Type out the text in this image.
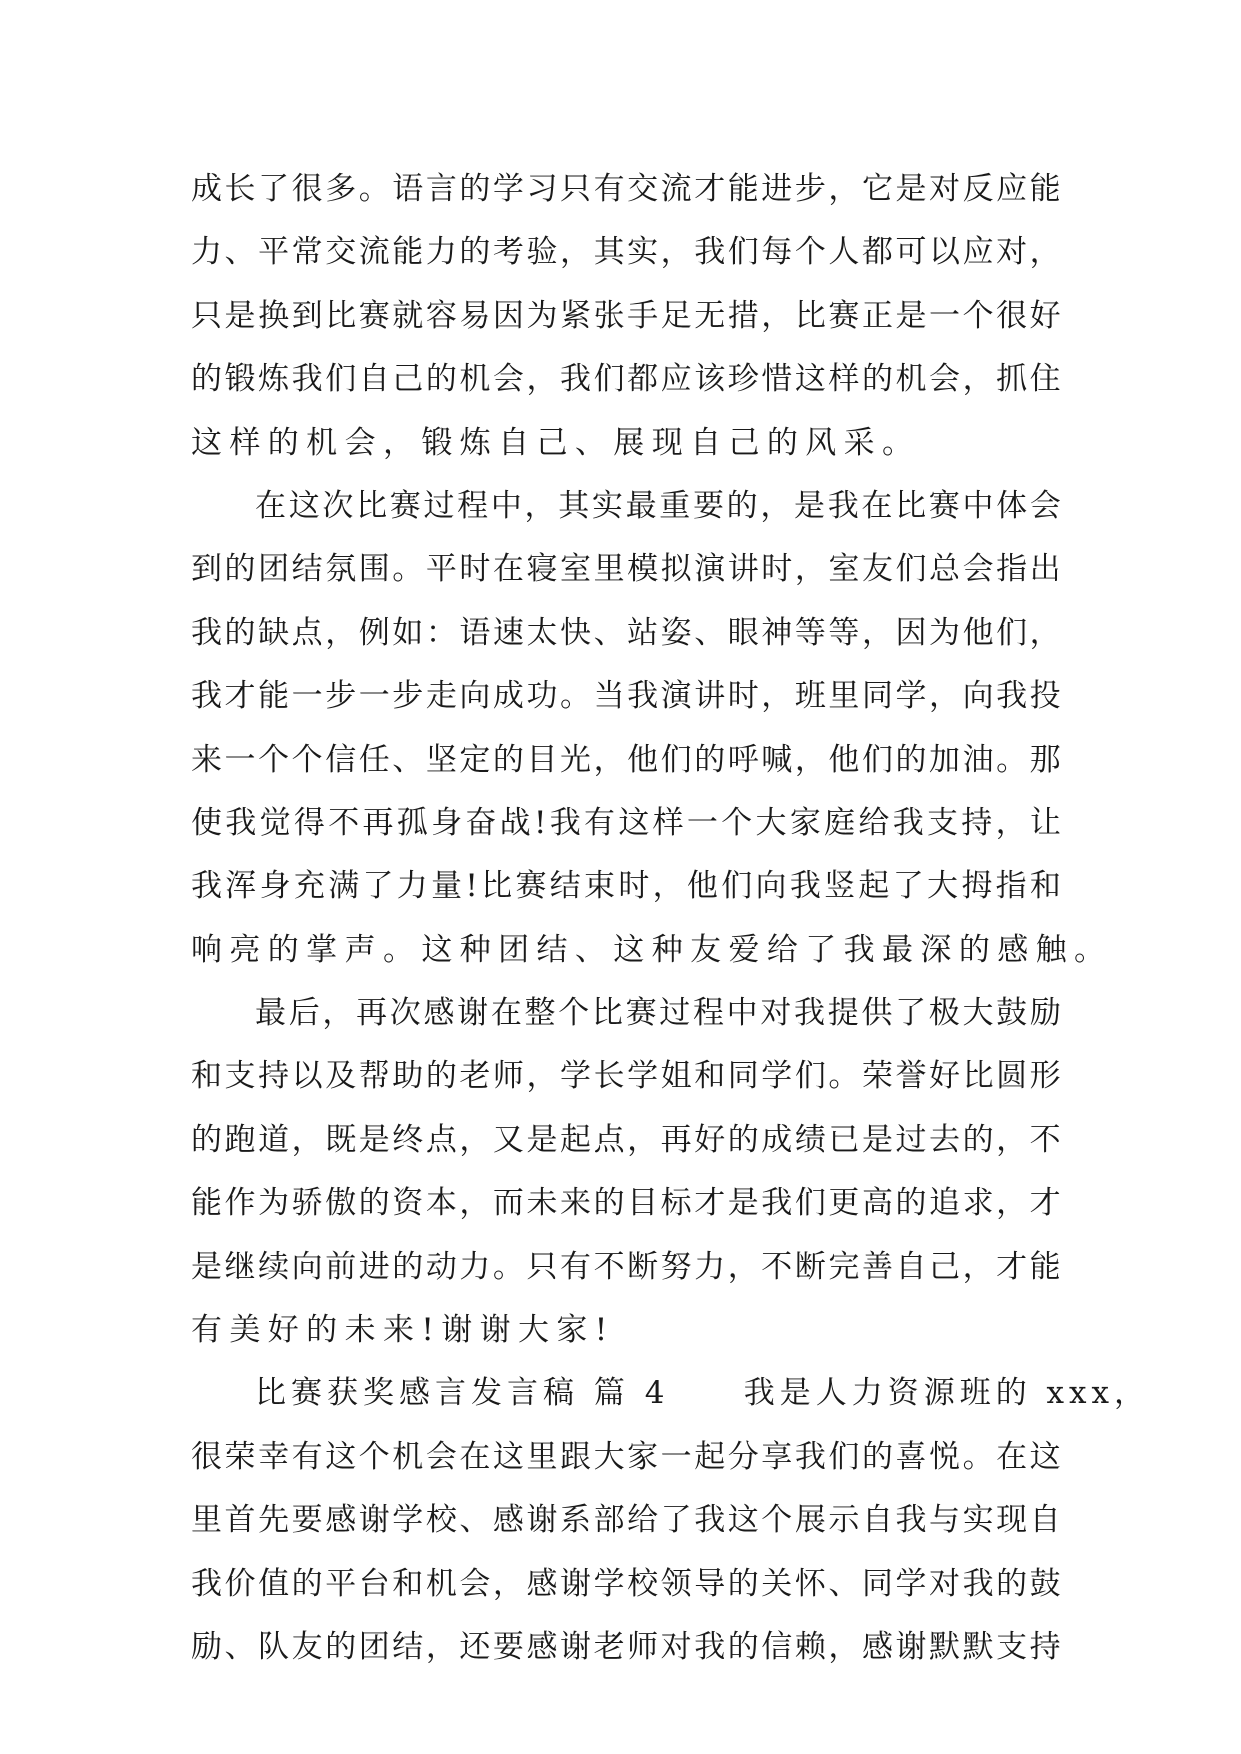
成 长 了 很 多 。 语 言 的 学 习 只 有 交 流 才 能 进 步 ， 它 是 对 反 应 能
力 、 平 常 交 流 能 力 的 考 验 ， 其 实 ， 我 们 每 个 人 都 可 以 应 对 ，
只 是 换 到 比 赛 就 容 易 因 为 紧 张 手 足 无 措 ， 比 赛 正 是 一 个 很 好
的 锻 炼 我 们 自 己 的 机 会 ， 我 们 都 应 该 珍 惜 这 样 的 机 会 ， 抓 住
这 样 的 机 会 ， 锻 炼 自 己 、 展 现 自 己 的 风 采 。
在 这 次 比 赛 过 程 中 ， 其 实 最 重 要 的 ， 是 我 在 比 赛 中 体 会
到 的 团 结 氛 围 。 平 时 在 寝 室 里 模 拟 演 讲 时 ， 室 友 们 总 会 指 出
我 的 缺 点 ， 例 如 ： 语 速 太 快 、 站 姿 、 眼 神 等 等 ， 因 为 他 们 ，
我 才 能 一 步 一 步 走 向 成 功 。 当 我 演 讲 时 ， 班 里 同 学 ， 向 我 投
来 一 个 个 信 任 、 坚 定 的 目 光 ， 他 们 的 呼 喊 ， 他 们 的 加 油 。 那
使 我 觉 得 不 再 孤 身 奋 战 ! 我 有 这 样 一 个 大 家 庭 给 我 支 持 ， 让
我 浑 身 充 满 了 力 量 ! 比 赛 结 束 时 ， 他 们 向 我 竖 起 了 大 拇 指 和
响 亮 的 掌 声 。 这 种 团 结 、 这 种 友 爱 给 了 我 最 深 的 感 触 。
最 后 ， 再 次 感 谢 在 整 个 比 赛 过 程 中 对 我 提 供 了 极 大 鼓 励
和 支 持 以 及 帮 助 的 老 师 ， 学 长 学 姐 和 同 学 们 。 荣 誉 好 比 圆 形
的 跑 道 ， 既 是 终 点 ， 又 是 起 点 ， 再 好 的 成 绩 已 是 过 去 的 ， 不
能 作 为 骄 傲 的 资 本 ， 而 未 来 的 目 标 才 是 我 们 更 高 的 追 求 ， 才
是 继 续 向 前 进 的 动 力 。 只 有 不 断 努 力 ， 不 断 完 善 自 己 ， 才 能
有 美 好 的 未 来 ! 谢 谢 大 家 !
比赛获奖感言发言稿 篇 4     我是人力资源班的 xxx，
很 荣 幸 有 这 个 机 会 在 这 里 跟 大 家 一 起 分 享 我 们 的 喜 悦 。 在 这
里 首 先 要 感 谢 学 校 、 感 谢 系 部 给 了 我 这 个 展 示 自 我 与 实 现 自
我 价 值 的 平 台 和 机 会 ， 感 谢 学 校 领 导 的 关 怀 、 同 学 对 我 的 鼓
励 、 队 友 的 团 结 ， 还 要 感 谢 老 师 对 我 的 信 赖 ， 感 谢 默 默 支 持
